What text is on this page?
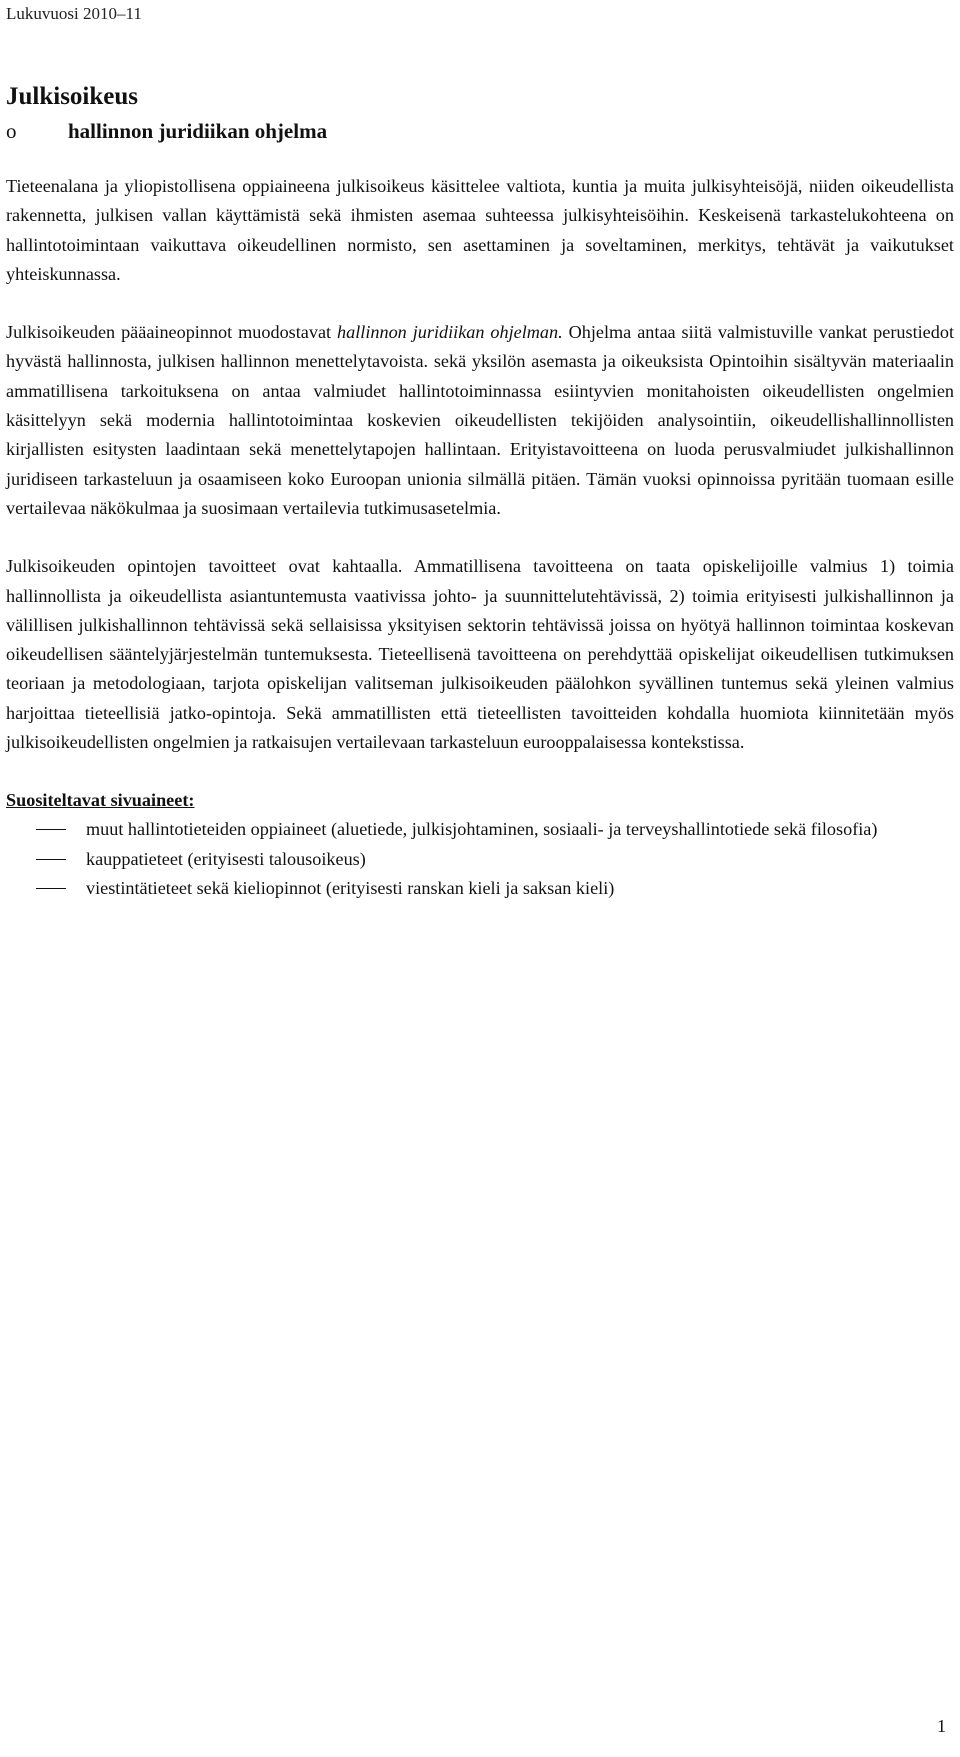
Lukuvuosi 2010–11
Julkisoikeus
o	hallinnon juridiikan ohjelma

Tieteenalana ja yliopistollisena oppiaineena julkisoikeus käsittelee valtiota, kuntia ja muita julkisyhteisöjä, niiden oikeudellista rakennetta, julkisen vallan käyttämistä sekä ihmisten asemaa suhteessa julkisyhteisöihin. Keskeisenä tarkastelukohteena on hallintotoimintaan vaikuttava oikeudellinen normisto, sen asettaminen ja soveltaminen, merkitys, tehtävät ja vaikutukset yhteiskunnassa.

Julkisoikeuden pääaineopinnot muodostavat hallinnon juridiikan ohjelman. Ohjelma antaa siitä valmistuville vankat perustiedot hyvästä hallinnosta, julkisen hallinnon menettelytavoista. sekä yksilön asemasta ja oikeuksista Opintoihin sisältyvän materiaalin ammatillisena tarkoituksena on antaa valmiudet hallintotoiminnassa esiintyvien monitahoisten oikeudellisten ongelmien käsittelyyn sekä modernia hallintotoimintaa koskevien oikeudellisten tekijöiden analysointiin, oikeudellishallinnollisten kirjallisten esitysten laadintaan sekä menettelytapojen hallintaan. Erityistavoitteena on luoda perusvalmiudet julkishallinnon juridiseen tarkasteluun ja osaamiseen koko Euroopan unionia silmällä pitäen. Tämän vuoksi opinnoissa pyritään tuomaan esille vertailevaa näkökulmaa ja suosimaan vertailevia tutkimusasetelmia.

Julkisoikeuden opintojen tavoitteet ovat kahtaalla. Ammatillisena tavoitteena on taata opiskelijoille valmius 1) toimia hallinnollista ja oikeudellista asiantuntemusta vaativissa johto- ja suunnittelutehtävissä, 2) toimia erityisesti julkishallinnon ja välillisen julkishallinnon tehtävissä sekä sellaisissa yksityisen sektorin tehtävissä joissa on hyötyä hallinnon toimintaa koskevan oikeudellisen sääntelyjärjestelmän tuntemuksesta. Tieteellisenä tavoitteena on perehdyttää opiskelijat oikeudellisen tutkimuksen teoriaan ja metodologiaan, tarjota opiskelijan valitseman julkisoikeuden päälohkon syvällinen tuntemus sekä yleinen valmius harjoittaa tieteellisiä jatko-opintoja. Sekä ammatillisten että tieteellisten tavoitteiden kohdalla huomiota kiinnitetään myös julkisoikeudellisten ongelmien ja ratkaisujen vertailevaan tarkasteluun eurooppalaisessa kontekstissa.

Suositeltavat sivuaineet:
muut hallintotieteiden oppiaineet (aluetiede, julkisjohtaminen, sosiaali- ja terveyshallintotiede sekä filosofia)
kauppatieteet (erityisesti talousoikeus)
viestintätieteet sekä kieliopinnot (erityisesti ranskan kieli ja saksan kieli)
1
